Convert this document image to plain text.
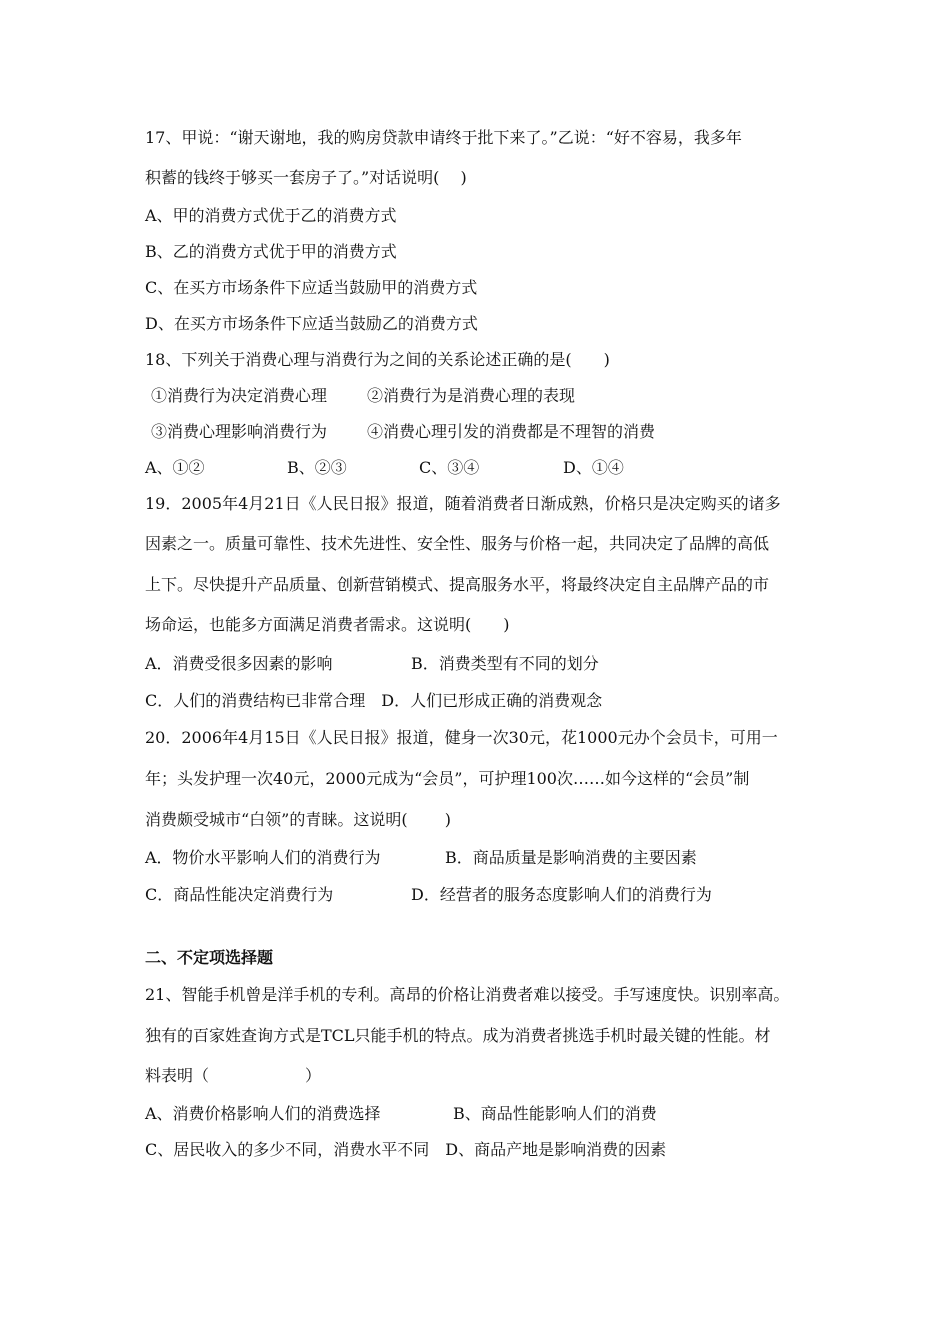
17、甲说：“谢天谢地，我的购房贷款申请终于批下来了。”乙说：“好不容易，我多年
积蓄的钱终于够买一套房子了。”对话说明(　 )
A、甲的消费方式优于乙的消费方式
B、乙的消费方式优于甲的消费方式
C、在买方市场条件下应适当鼓励甲的消费方式
D、在买方市场条件下应适当鼓励乙的消费方式
18、下列关于消费心理与消费行为之间的关系论述正确的是(　　)
①消费行为决定消费心理 ②消费行为是消费心理的表现
③消费心理影响消费行为 ④消费心理引发的消费都是不理智的消费
A、①②	B、②③	C、③④	D、①④
19．2005年4月21日《人民日报》报道，随着消费者日渐成熟，价格只是决定购买的诸多
因素之一。质量可靠性、技术先进性、安全性、服务与价格一起，共同决定了品牌的高低
上下。尽快提升产品质量、创新营销模式、提高服务水平，将最终决定自主品牌产品的市
场命运，也能多方面满足消费者需求。这说明(　　)
A．消费受很多因素的影响	B．消费类型有不同的划分
C．人们的消费结构已非常合理　D．人们已形成正确的消费观念
20．2006年4月15日《人民日报》报道，健身一次30元，花1000元办个会员卡，可用一
年；头发护理一次40元，2000元成为“会员”，可护理100次……如今这样的“会员”制
消费颇受城市“白领”的青睐。这说明(　　 )
A．物价水平影响人们的消费行为	B．商品质量是影响消费的主要因素
C．商品性能决定消费行为	D．经营者的服务态度影响人们的消费行为
二、不定项选择题
21、智能手机曾是洋手机的专利。高昂的价格让消费者难以接受。手写速度快。识别率高。
独有的百家姓查询方式是TCL只能手机的特点。成为消费者挑选手机时最关键的性能。材
料表明（　　　　　　）
A、消费价格影响人们的消费选择	B、商品性能影响人们的消费
C、居民收入的多少不同，消费水平不同　D、商品产地是影响消费的因素
